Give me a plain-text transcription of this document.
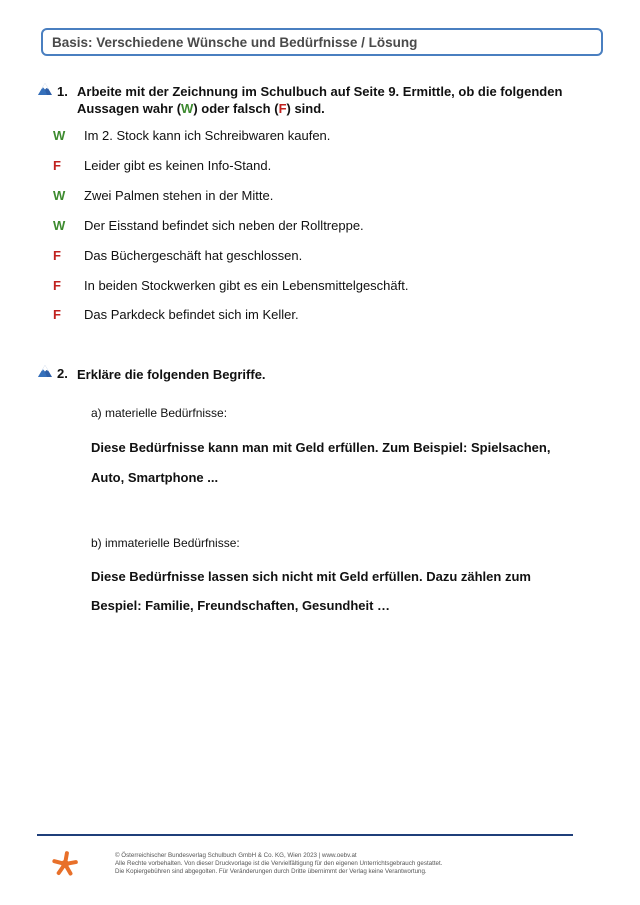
Basis: Verschiedene Wünsche und Bedürfnisse / Lösung
1. Arbeite mit der Zeichnung im Schulbuch auf Seite 9. Ermittle, ob die folgenden
Aussagen wahr (W) oder falsch (F) sind.
W	Im 2. Stock kann ich Schreibwaren kaufen.
F	Leider gibt es keinen Info-Stand.
W	Zwei Palmen stehen in der Mitte.
W	Der Eisstand befindet sich neben der Rolltreppe.
F	Das Büchergeschäft hat geschlossen.
F	In beiden Stockwerken gibt es ein Lebensmittelgeschäft.
F	Das Parkdeck befindet sich im Keller.
2. Erkläre die folgenden Begriffe.
a) materielle Bedürfnisse:
Diese Bedürfnisse kann man mit Geld erfüllen. Zum Beispiel: Spielsachen,
Auto, Smartphone ...
b) immaterielle Bedürfnisse:
Diese Bedürfnisse lassen sich nicht mit Geld erfüllen. Dazu zählen zum
Bespiel: Familie, Freundschaften, Gesundheit …
© Österreichischer Bundesverlag Schulbuch GmbH & Co. KG, Wien 2023 | www.oebv.at
Alle Rechte vorbehalten. Von dieser Druckvorlage ist die Vervielfältigung für den eigenen Unterrichtsgebrauch gestattet.
Die Kopiergebühren sind abgegolten. Für Veränderungen durch Dritte übernimmt der Verlag keine Verantwortung.
